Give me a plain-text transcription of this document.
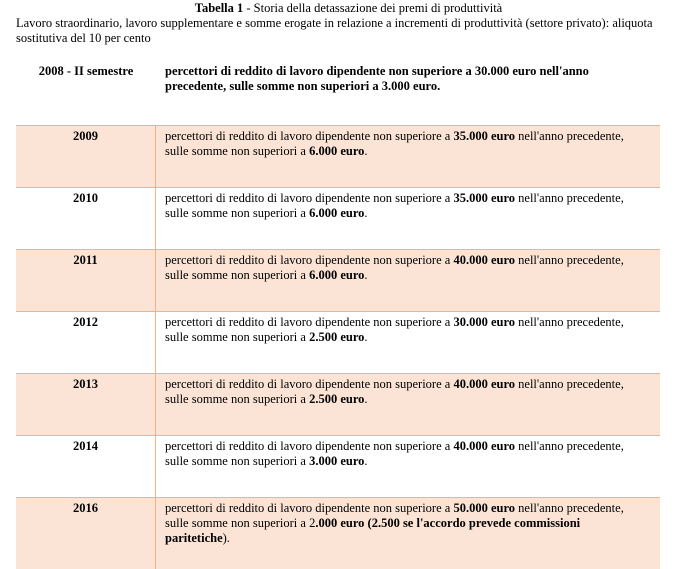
Tabella 1 - Storia della detassazione dei premi di produttività
Lavoro straordinario, lavoro supplementare e somme erogate in relazione a incrementi di produttività (settore privato): aliquota sostitutiva del 10 per cento
2008 - II semestre	percettori di reddito di lavoro dipendente non superiore a 30.000 euro nell'anno precedente, sulle somme non superiori a 3.000 euro.
2009	percettori di reddito di lavoro dipendente non superiore a 35.000 euro nell'anno precedente, sulle somme non superiori a 6.000 euro.
2010	percettori di reddito di lavoro dipendente non superiore a 35.000 euro nell'anno precedente, sulle somme non superiori a 6.000 euro.
2011	percettori di reddito di lavoro dipendente non superiore a 40.000 euro nell'anno precedente, sulle somme non superiori a 6.000 euro.
2012	percettori di reddito di lavoro dipendente non superiore a 30.000 euro nell'anno precedente, sulle somme non superiori a 2.500 euro.
2013	percettori di reddito di lavoro dipendente non superiore a 40.000 euro nell'anno precedente, sulle somme non superiori a 2.500 euro.
2014	percettori di reddito di lavoro dipendente non superiore a 40.000 euro nell'anno precedente, sulle somme non superiori a 3.000 euro.
2016	percettori di reddito di lavoro dipendente non superiore a 50.000 euro nell'anno precedente, sulle somme non superiori a 2.000 euro (2.500 se l'accordo prevede commissioni paritetiche).
